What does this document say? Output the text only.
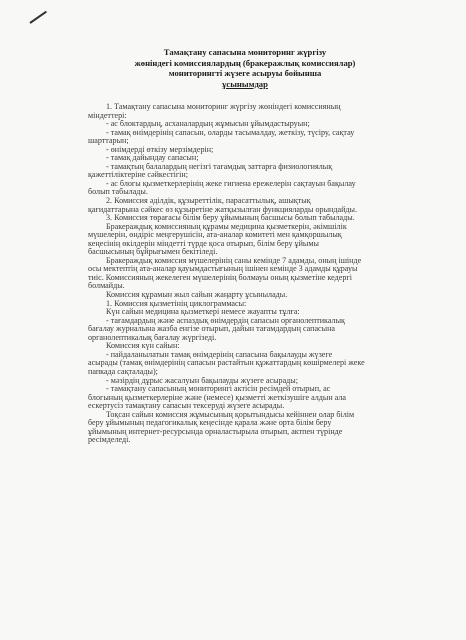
Тамақтану сапасына мониторинг жүргізу
жөніндегі комиссиялардың (бракеражлық комиссиялар)
мониторингті жүзеге асыруы бойынша
ұсынымдар

1. Тамақтану сапасына мониторинг жүргізу жөніндегі комиссияның

міндеттері:

- ас блоктардың, асханалардың жұмысын ұйымдастыруын;

- тамақ өнімдерінің сапасын, оларды тасымалдау, жеткізу, түсіру, сақтау

шарттарын;

- өнімдерді өткізу мерзімдерін;

- тамақ дайындау сапасын;

- тамақтың балалардың негізгі тағамдық заттарға физиологиялық

қажеттіліктеріне сәйкестігін;

- ас блогы қызметкерлерінің жеке гигиена ережелерін сақтауын бақылау

болып табылады.

2. Комиссия әділдік, құзыреттілік, парасаттылық, ашықтық

қағидаттарына сәйкес өз құзыретіне жатқызылған функцияларды орындайды.

3. Комиссия төрағасы білім беру ұйымының басшысы болып табылады.

Бракераждық комиссияның құрамы медицина қызметкерін, әкімшілік

мүшелерін, өндіріс меңгерушісін, ата-аналар комитеті мен қамқоршылық

кеңесінің өкілдерін міндетті түрде қоса отырып, білім беру ұйымы

басшысының бұйрығымен бекітіледі.

Бракераждық комиссия мүшелерінің саны кемінде 7 адамды, оның ішінде

осы мектептің ата-аналар қауымдастығының ішінен кемінде 3 адамды құрауы

тиіс. Комиссияның жекелеген мүшелерінің болмауы оның қызметіне кедергі

болмайды.

Комиссия құрамын жыл сайын жаңарту ұсынылады.

1. Комиссия қызметінің циклограммасы:

Күн сайын медицина қызметкері немесе жауапты тұлға:

- тағамдардың және аспаздық өнімдердің сапасын органолептикалық

бағалау журналына жазба енгізе отырып, дайын тағамдардың сапасына

органолептикалық бағалау жүргізеді.

Комиссия күн сайын:

- пайдаланылатын тамақ өнімдерінің сапасына бақылауды жүзеге

асырады (тамақ өнімдерінің сапасын растайтын құжаттардың көшірмелері жеке

папкада сақталады);

- мәзірдің дұрыс жасалуын бақылауды жүзеге асырады;

- тамақтану сапасының мониторингі актісін ресімдей отырып, ас

блогының қызметкерлеріне және (немесе) қызметті жеткізушіге алдын ала

ескертусіз тамақтану сапасын тексеруді жүзеге асырады.

Тоқсан сайын комиссия жұмысының қорытындысы кейіннен олар білім

беру ұйымының педагогикалық кеңесінде қарала және орта білім беру

ұйымының интернет-ресурсында орналастырыла отырып, актпен түрінде

ресімделеді.
